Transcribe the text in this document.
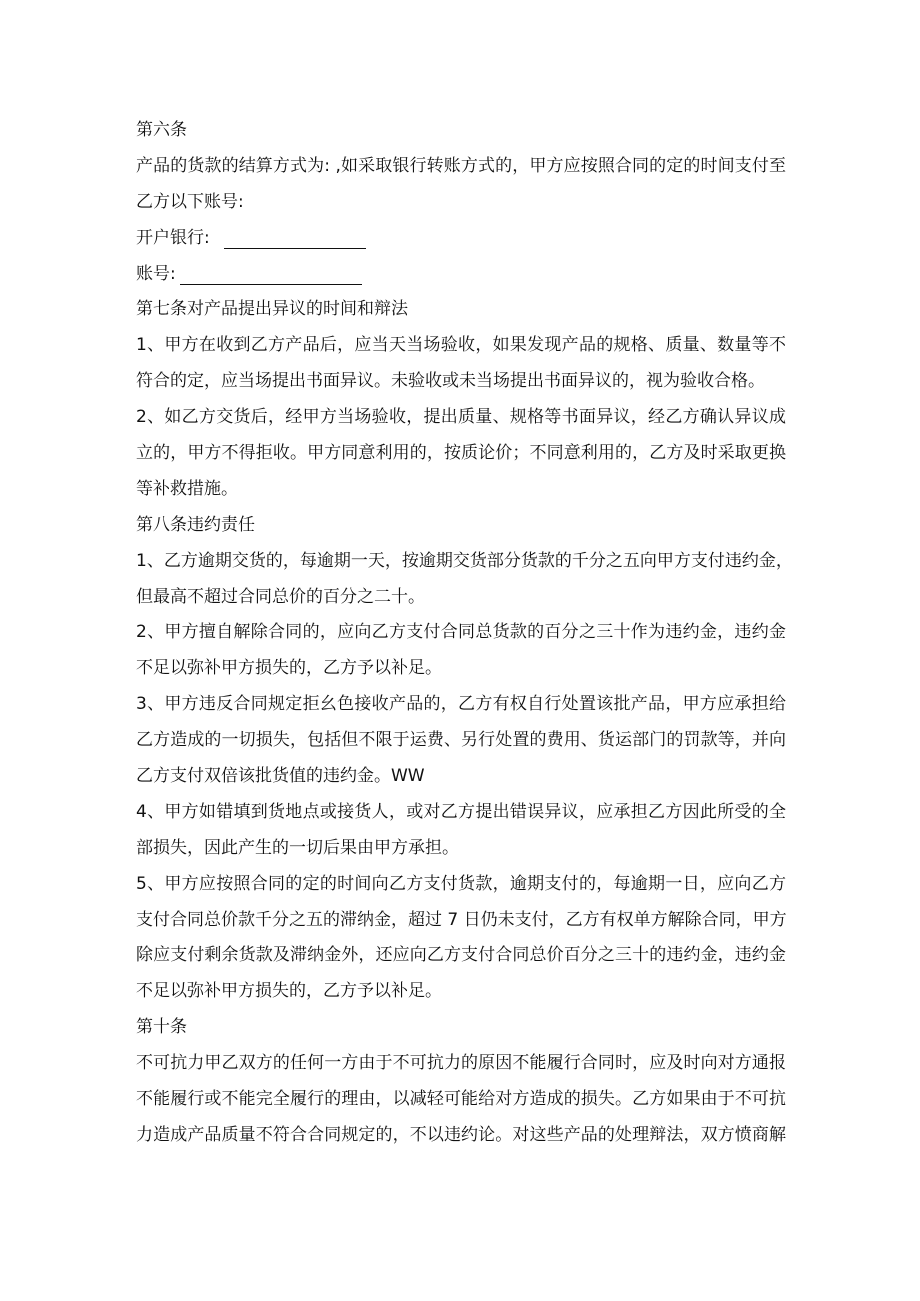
第六条
产品的货款的结算方式为: ,如采取银行转账方式的，甲方应按照合同的定的时间支付至
乙方以下账号:
开户银行:
账号:
第七条对产品提出异议的时间和辩法
1、甲方在收到乙方产品后，应当天当场验收，如果发现产品的规格、质量、数量等不
符合的定，应当场提出书面异议。未验收或未当场提出书面异议的，视为验收合格。
2、如乙方交货后，经甲方当场验收，提出质量、规格等书面异议，经乙方确认异议成
立的，甲方不得拒收。甲方同意利用的，按质论价；不同意利用的，乙方及时采取更换
等补救措施。
第八条违约责任
1、乙方逾期交货的，每逾期一天，按逾期交货部分货款的千分之五向甲方支付违约金，
但最高不超过合同总价的百分之二十。
2、甲方擅自解除合同的，应向乙方支付合同总货款的百分之三十作为违约金，违约金
不足以弥补甲方损失的，乙方予以补足。
3、甲方违反合同规定拒幺色接收产品的，乙方有权自行处置该批产品，甲方应承担给
乙方造成的一切损失，包括但不限于运费、另行处置的费用、货运部门的罚款等，并向
乙方支付双倍该批货值的违约金。WW
4、甲方如错填到货地点或接货人，或对乙方提出错误异议，应承担乙方因此所受的全
部损失，因此产生的一切后果由甲方承担。
5、甲方应按照合同的定的时间向乙方支付货款，逾期支付的，每逾期一日，应向乙方
支付合同总价款千分之五的滞纳金，超过 7 日仍未支付，乙方有权单方解除合同，甲方
除应支付剩余货款及滞纳金外，还应向乙方支付合同总价百分之三十的违约金，违约金
不足以弥补甲方损失的，乙方予以补足。
第十条
不可抗力甲乙双方的任何一方由于不可抗力的原因不能履行合同时，应及时向对方通报
不能履行或不能完全履行的理由，以减轻可能给对方造成的损失。乙方如果由于不可抗
力造成产品质量不符合合同规定的，不以违约论。对这些产品的处理辩法，双方愤商解
